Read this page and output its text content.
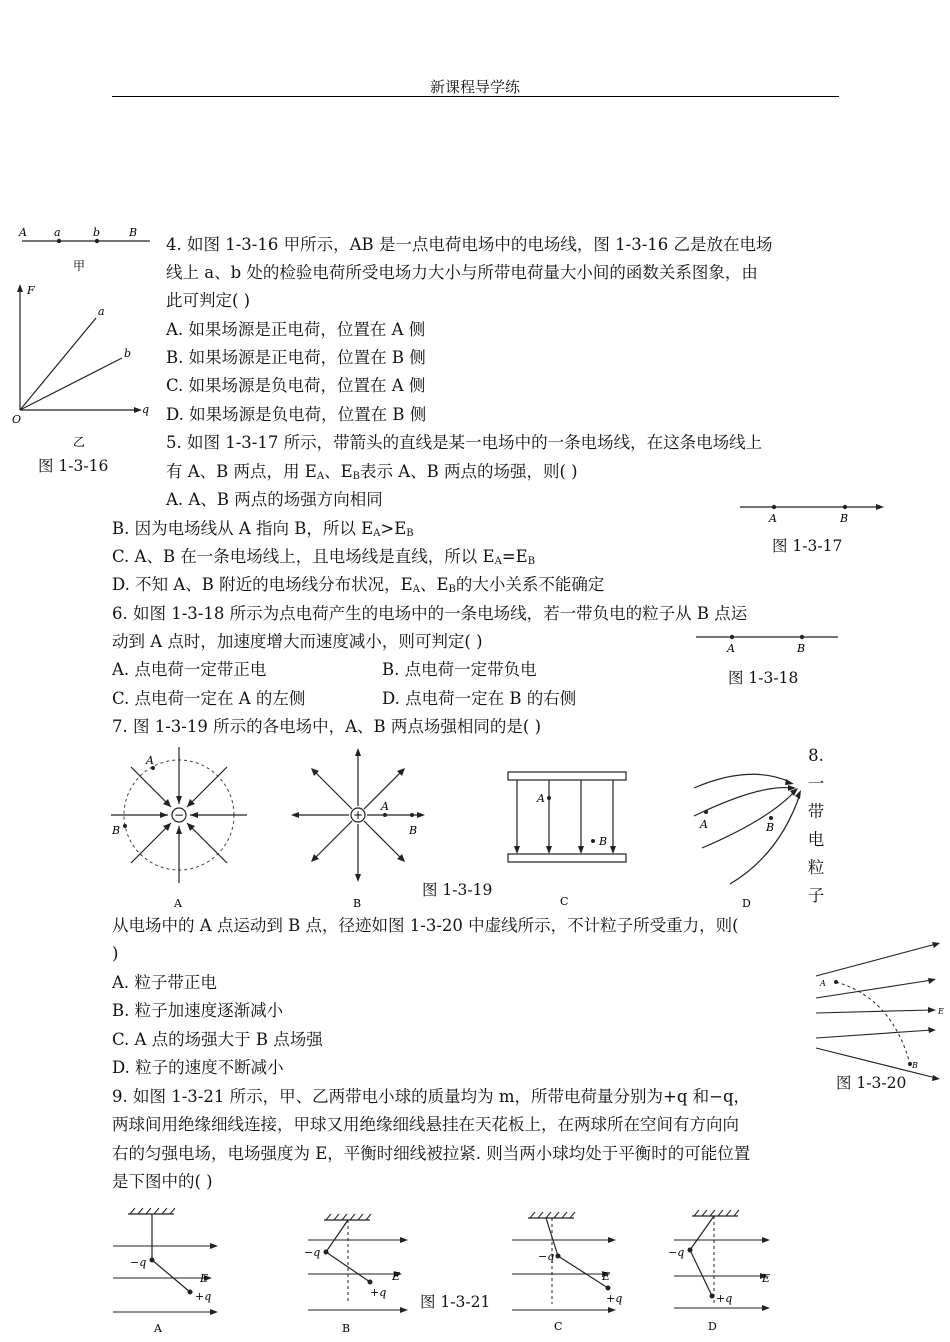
新课程导学练
A a	b	B
甲
F
q
O
a
b
乙
图 1-3-16
4. 如图 1-3-16 甲所示，AB 是一点电荷电场中的电场线，图 1-3-16 乙是放在电场
线上 a、b 处的检验电荷所受电场力大小与所带电荷量大小间的函数关系图象，由
此可判定( )
A. 如果场源是正电荷，位置在 A 侧
B. 如果场源是正电荷，位置在 B 侧
C. 如果场源是负电荷，位置在 A 侧
D. 如果场源是负电荷，位置在 B 侧
5. 如图 1-3-17 所示，带箭头的直线是某一电场中的一条电场线，在这条电场线上
有 A、B 两点，用 $E_A$、$E_B$表示 A、B 两点的场强，则( )
A. A、B 两点的场强方向相同
B. 因为电场线从 A 指向 B，所以 $E_A>E_B$
C. A、B 在一条电场线上，且电场线是直线，所以 $E_A=E_B$
D. 不知 A、B 附近的电场线分布状况，$E_A$、$E_B$的大小关系不能确定
A	B
图 1-3-17
6. 如图 1-3-18 所示为点电荷产生的电场中的一条电场线，若一带负电的粒子从 B 点运
动到 A 点时，加速度增大而速度减小，则可判定( )
A. 点电荷一定带正电	B. 点电荷一定带负电
C. 点电荷一定在 A 的左侧	D. 点电荷一定在 B 的右侧
A	B
图 1-3-18
7. 图 1-3-19 所示的各电场中，A、B 两点场强相同的是( )
−
A
B
A
+
A
B
B
A
B
C
A	B
D
图 1-3-19
8.
一
带
电
粒
子
从电场中的 A 点运动到 B 点，径迹如图 1-3-20 中虚线所示，不计粒子所受重力，则(
)
A. 粒子带正电
B. 粒子加速度逐渐减小
C. A 点的场强大于 B 点场强
D. 粒子的速度不断减小
A
B
E
图 1-3-20
9. 如图 1-3-21 所示，甲、乙两带电小球的质量均为 m，所带电荷量分别为+q 和−q，
两球间用绝缘细线连接，甲球又用绝缘细线悬挂在天花板上，在两球所在空间有方向向
右的匀强电场，电场强度为 E，平衡时细线被拉紧. 则当两小球均处于平衡时的可能位置
是下图中的( )
−q
+q
E
A
−q
+q
E
B
−q
+q
E
C
−q
+q
E
D
图 1-3-21
